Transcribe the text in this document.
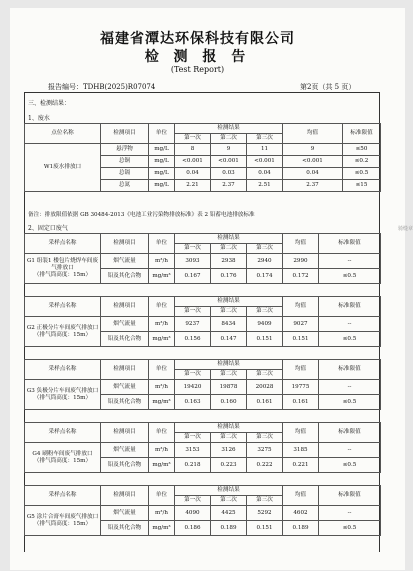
福建省潭达环保科技有限公司
检 测 报 告
(Test Report)
报告编号：TDHB(2025)R07074	第2页（共 5 页）
三、检测结果：
1、废水
点位名称	检测项目	单位	检测结果			均值	标准限值
			第一次	第二次	第三次		
W1废水排放口	悬浮物	mg/L	8	9	11	9	≤50
	总铜	mg/L	<0.001	<0.001	<0.001	<0.001	≤0.2
	总镉	mg/L	0.04	0.03	0.04	0.04	≤0.5
	总氮	mg/L	2.21	2.37	2.51	2.37	≤15
备注：排放限值依据 GB 30484-2013《电池工业污染物排放标准》表 2 铅蓄电池排放标准
2、固定口废气
采样点名称	检测项目	单位	检测结果			均值	标准限值
			第一次	第二次	第三次		

G1 组装1 楼包片烧焊车间废气排放口
（排气筒高度：15m）	烟气流量	m³/h	3093	2938	2940	2990	--
	铅及其化合物	mg/m³	0.167	0.176	0.174	0.172	≤0.5
采样点名称	检测项目	单位	检测结果			均值	标准限值
			第一次	第二次	第三次		

G2 正极分片车间废气排放口
（排气筒高度：15m）	烟气流量	m³/h	9237	8434	9409	9027	--
	铅及其化合物	mg/m³	0.156	0.147	0.151	0.151	≤0.5
采样点名称	检测项目	单位	检测结果			均值	标准限值
			第一次	第二次	第三次		

G3 负极分片车间废气排放口
（排气筒高度：15m）	烟气流量	m³/h	19420	19878	20028	19775	--
	铅及其化合物	mg/m³	0.163	0.160	0.161	0.161	≤0.5
采样点名称	检测项目	单位	检测结果			均值	标准限值
			第一次	第二次	第三次		

G4 刷粉车间废气排放口
（排气筒高度：15m）	烟气流量	m³/h	3153	3126	3275	3185	--
	铅及其化合物	mg/m³	0.218	0.223	0.222	0.221	≤0.5
采样点名称	检测项目	单位	检测结果			均值	标准限值
			第一次	第二次	第三次		

G5 涂片合膏车间废气排放口
（排气筒高度：15m）	烟气流量	m³/h	4090	4425	5292	4602	--
	铅及其化合物	mg/m³	0.186	0.189	0.151	0.189	≤0.5
骑缝章
